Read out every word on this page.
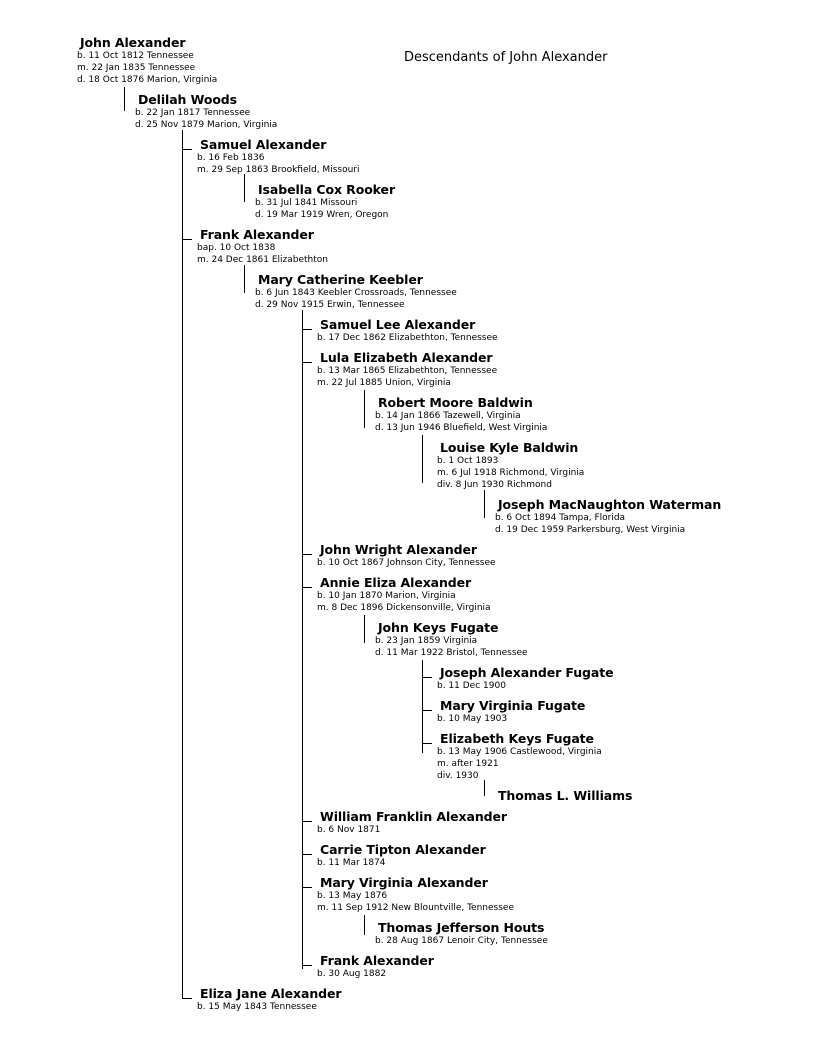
Descendants of John Alexander
John Alexander
b. 11 Oct 1812 Tennessee
m. 22 Jan 1835 Tennessee
d. 18 Oct 1876 Marion, Virginia
Delilah Woods
b. 22 Jan 1817 Tennessee
d. 25 Nov 1879 Marion, Virginia
Samuel Alexander
b. 16 Feb 1836
m. 29 Sep 1863 Brookfield, Missouri
Isabella Cox Rooker
b. 31 Jul 1841 Missouri
d. 19 Mar 1919 Wren, Oregon
Frank Alexander
bap. 10 Oct 1838
m. 24 Dec 1861 Elizabethton
Mary Catherine Keebler
b. 6 Jun 1843 Keebler Crossroads, Tennessee
d. 29 Nov 1915 Erwin, Tennessee
Samuel Lee Alexander
b. 17 Dec 1862 Elizabethton, Tennessee
Lula Elizabeth Alexander
b. 13 Mar 1865 Elizabethton, Tennessee
m. 22 Jul 1885 Union, Virginia
Robert Moore Baldwin
b. 14 Jan 1866 Tazewell, Virginia
d. 13 Jun 1946 Bluefield, West Virginia
Louise Kyle Baldwin
b. 1 Oct 1893
m. 6 Jul 1918 Richmond, Virginia
div. 8 Jun 1930 Richmond
Joseph MacNaughton Waterman
b. 6 Oct 1894 Tampa, Florida
d. 19 Dec 1959 Parkersburg, West Virginia
John Wright Alexander
b. 10 Oct 1867 Johnson City, Tennessee
Annie Eliza Alexander
b. 10 Jan 1870 Marion, Virginia
m. 8 Dec 1896 Dickensonville, Virginia
John Keys Fugate
b. 23 Jan 1859 Virginia
d. 11 Mar 1922 Bristol, Tennessee
Joseph Alexander Fugate
b. 11 Dec 1900
Mary Virginia Fugate
b. 10 May 1903
Elizabeth Keys Fugate
b. 13 May 1906 Castlewood, Virginia
m. after 1921
div. 1930
Thomas L. Williams
William Franklin Alexander
b. 6 Nov 1871
Carrie Tipton Alexander
b. 11 Mar 1874
Mary Virginia Alexander
b. 13 May 1876
m. 11 Sep 1912 New Blountville, Tennessee
Thomas Jefferson Houts
b. 28 Aug 1867 Lenoir City, Tennessee
Frank Alexander
b. 30 Aug 1882
Eliza Jane Alexander
b. 15 May 1843 Tennessee
